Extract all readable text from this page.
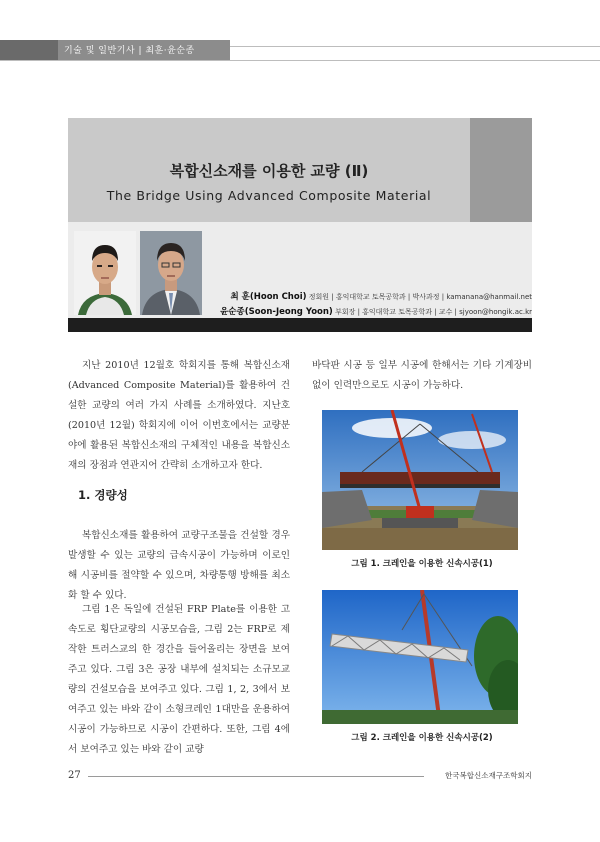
기술 및 일반기사 | 최훈·윤순종
복합신소재를 이용한 교량 (Ⅱ)
The Bridge Using Advanced Composite Material
최 훈(Hoon Choi) 정회원 | 홍익대학교 토목공학과 | 박사과정 | kamanana@hanmail.net
윤순종(Soon-Jeong Yoon) 부회장 | 홍익대학교 토목공학과 | 교수 | sjyoon@hongik.ac.kr
지난 2010년 12월호 학회지를 통해 복합신소재(Advanced Composite Material)를 활용하여 건설한 교량의 여러 가지 사례를 소개하였다. 지난호(2010년 12월) 학회지에 이어 이번호에서는 교량분야에 활용된 복합신소재의 구체적인 내용을 복합신소재의 장점과 연관지어 간략히 소개하고자 한다.
1. 경량성
복합신소재를 활용하여 교량구조물을 건설할 경우 발생할 수 있는 교량의 급속시공이 가능하며 이로인해 시공비를 절약할 수 있으며, 차량통행 방해를 최소화 할 수 있다.
그림 1은 독일에 건설된 FRP Plate를 이용한 고속도로 횡단교량의 시공모습을, 그림 2는 FRP로 제작한 트러스교의 한 경간을 들어올리는 장면을 보여주고 있다. 그림 3은 공장 내부에 설치되는 소규모교량의 건설모습을 보여주고 있다. 그림 1, 2, 3에서 보여주고 있는 바와 같이 소형크레인 1대만을 운용하여 시공이 가능하므로 시공이 간편하다. 또한, 그림 4에서 보여주고 있는 바와 같이 교량
바닥판 시공 등 일부 시공에 한해서는 기타 기계장비 없이 인력만으로도 시공이 가능하다.
그림 1. 크레인을 이용한 신속시공(1)
그림 2. 크레인을 이용한 신속시공(2)
27	한국복합신소재구조학회지
